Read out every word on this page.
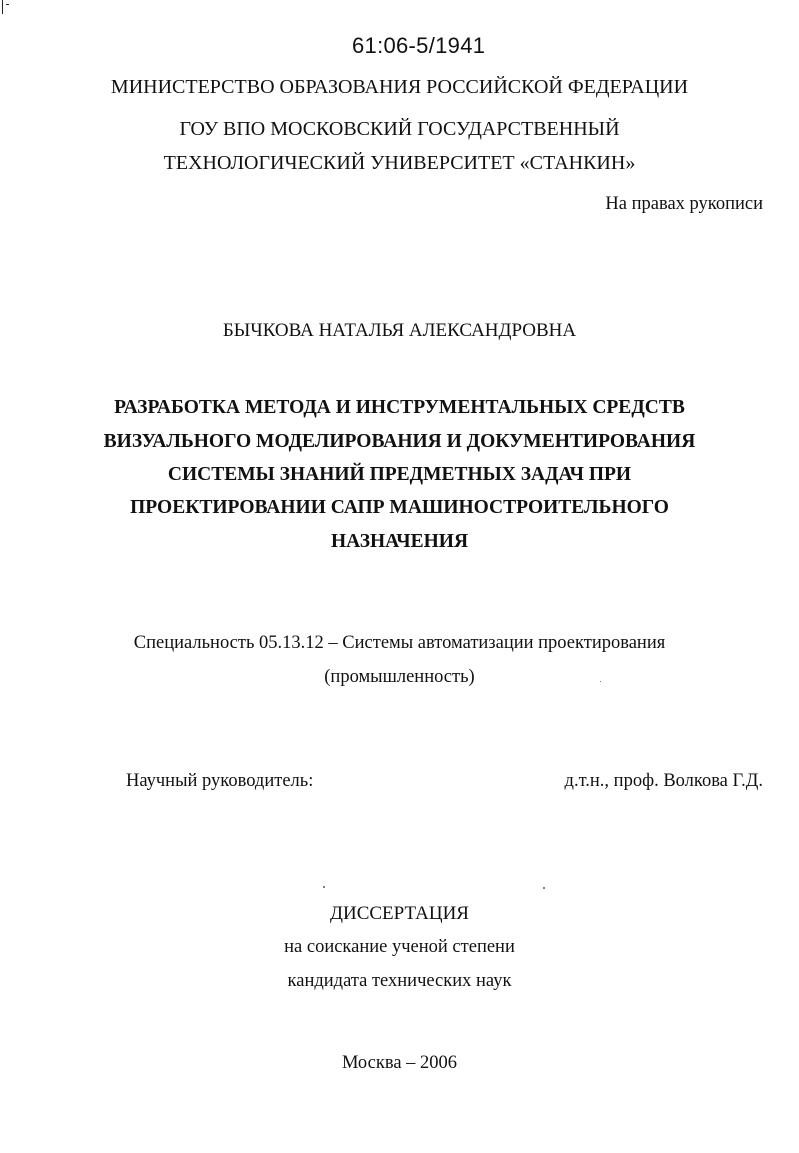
61:06-5/1941

МИНИСТЕРСТВО ОБРАЗОВАНИЯ РОССИЙСКОЙ ФЕДЕРАЦИИ

ГОУ ВПО МОСКОВСКИЙ ГОСУДАРСТВЕННЫЙ

ТЕХНОЛОГИЧЕСКИЙ УНИВЕРСИТЕТ «СТАНКИН»

На правах рукописи

БЫЧКОВА НАТАЛЬЯ АЛЕКСАНДРОВНА

РАЗРАБОТКА МЕТОДА И ИНСТРУМЕНТАЛЬНЫХ СРЕДСТВ

ВИЗУАЛЬНОГО МОДЕЛИРОВАНИЯ И ДОКУМЕНТИРОВАНИЯ

СИСТЕМЫ ЗНАНИЙ ПРЕДМЕТНЫХ ЗАДАЧ ПРИ

ПРОЕКТИРОВАНИИ САПР МАШИНОСТРОИТЕЛЬНОГО

НАЗНАЧЕНИЯ

Специальность 05.13.12 – Системы автоматизации проектирования

(промышленность)

Научный руководитель:	д.т.н., проф. Волкова Г.Д.

ДИССЕРТАЦИЯ

на соискание ученой степени

кандидата технических наук

Москва – 2006
